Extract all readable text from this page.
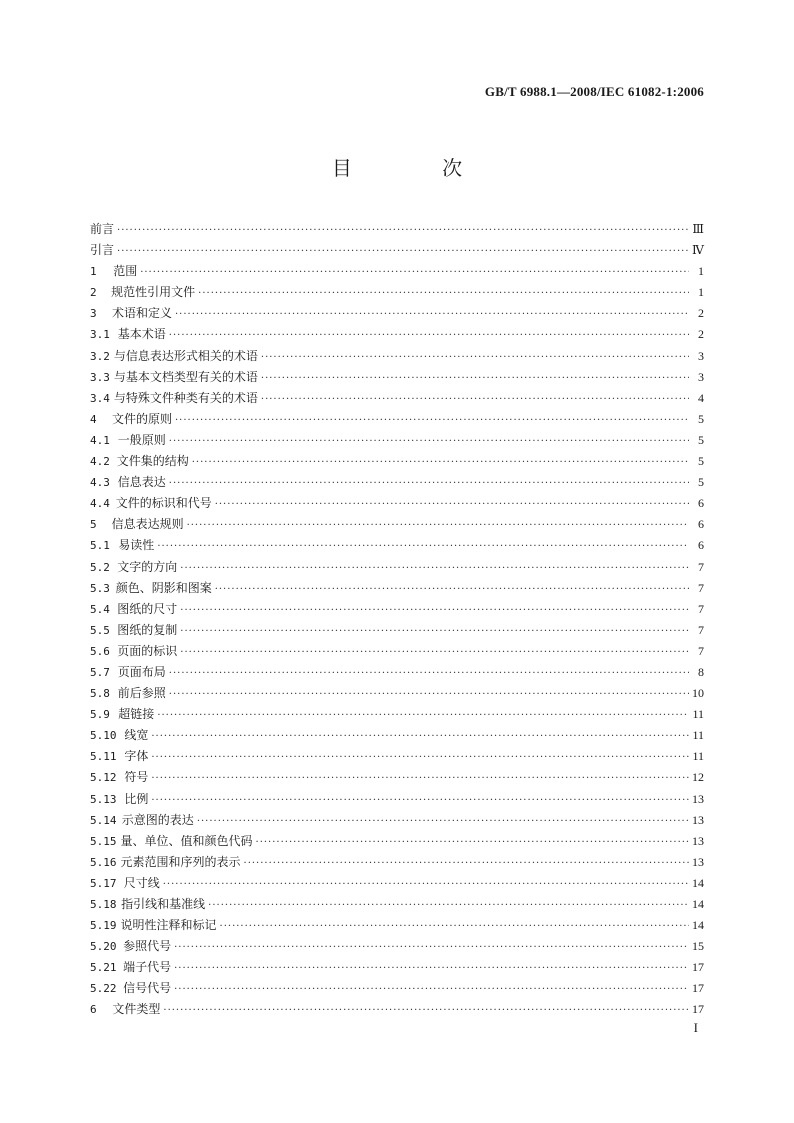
GB/T 6988.1—2008/IEC 61082-1:2006
目 次
前言 ·····	Ⅲ
引言 ·····	Ⅳ
1	范围 ·····	1
2	规范性引用文件 ·····	1
3	术语和定义 ·····	2
3.1 基本术语 ·····	2
3.2 与信息表达形式相关的术语 ·····	3
3.3 与基本文档类型有关的术语 ·····	3
3.4 与特殊文件种类有关的术语 ·····	4
4	文件的原则 ·····	5
4.1 一般原则 ·····	5
4.2 文件集的结构 ·····	5
4.3 信息表达 ·····	5
4.4 文件的标识和代号 ·····	6
5	信息表达规则 ·····	6
5.1 易读性 ·····	6
5.2 文字的方向 ·····	7
5.3 颜色、阴影和图案 ·····	7
5.4 图纸的尺寸 ·····	7
5.5 图纸的复制 ·····	7
5.6 页面的标识 ·····	7
5.7 页面布局 ·····	8
5.8 前后参照 ·····	10
5.9 超链接 ·····	11
5.10 线宽 ·····	11
5.11 字体 ·····	11
5.12 符号 ·····	12
5.13 比例 ·····	13
5.14 示意图的表达 ·····	13
5.15 量、单位、值和颜色代码 ·····	13
5.16 元素范围和序列的表示 ·····	13
5.17 尺寸线 ·····	14
5.18 指引线和基准线 ·····	14
5.19 说明性注释和标记 ·····	14
5.20 参照代号 ·····	15
5.21 端子代号 ·····	17
5.22 信号代号 ·····	17
6	文件类型 ·····	17
I
